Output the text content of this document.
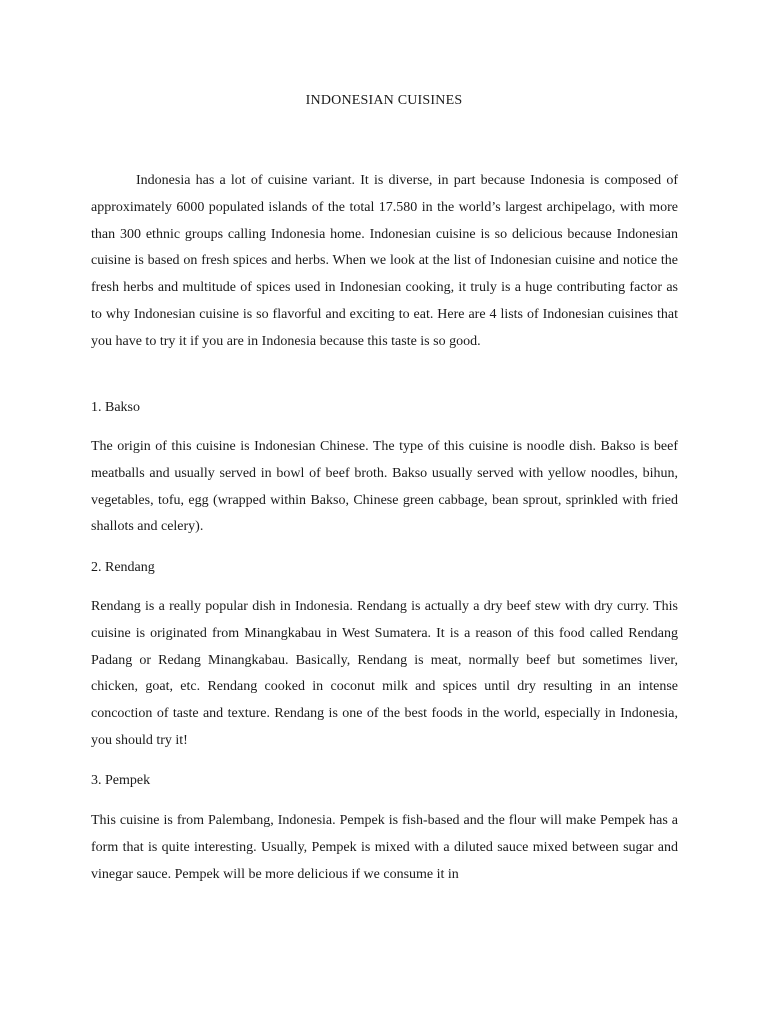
INDONESIAN CUISINES

Indonesia has a lot of cuisine variant. It is diverse, in part because Indonesia is composed of approximately 6000 populated islands of the total 17.580 in the world’s largest archipelago, with more than 300 ethnic groups calling Indonesia home. Indonesian cuisine is so delicious because Indonesian cuisine is based on fresh spices and herbs. When we look at the list of Indonesian cuisine and notice the fresh herbs and multitude of spices used in Indonesian cooking, it truly is a huge contributing factor as to why Indonesian cuisine is so flavorful and exciting to eat. Here are 4 lists of Indonesian cuisines that you have to try it if you are in Indonesia because this taste is so good.

1. Bakso

The origin of this cuisine is Indonesian Chinese. The type of this cuisine is noodle dish. Bakso is beef meatballs and usually served in bowl of beef broth. Bakso usually served with yellow noodles, bihun, vegetables, tofu, egg (wrapped within Bakso, Chinese green cabbage, bean sprout, sprinkled with fried shallots and celery).

2. Rendang

Rendang is a really popular dish in Indonesia. Rendang is actually a dry beef stew with dry curry. This cuisine is originated from Minangkabau in West Sumatera. It is a reason of this food called Rendang Padang or Redang Minangkabau. Basically, Rendang is meat, normally beef but sometimes liver, chicken, goat, etc. Rendang cooked in coconut milk and spices until dry resulting in an intense concoction of taste and texture. Rendang is one of the best foods in the world, especially in Indonesia, you should try it!

3. Pempek

This cuisine is from Palembang, Indonesia. Pempek is fish-based and the flour will make Pempek has a form that is quite interesting. Usually, Pempek is mixed with a diluted sauce mixed between sugar and vinegar sauce. Pempek will be more delicious if we consume it in
